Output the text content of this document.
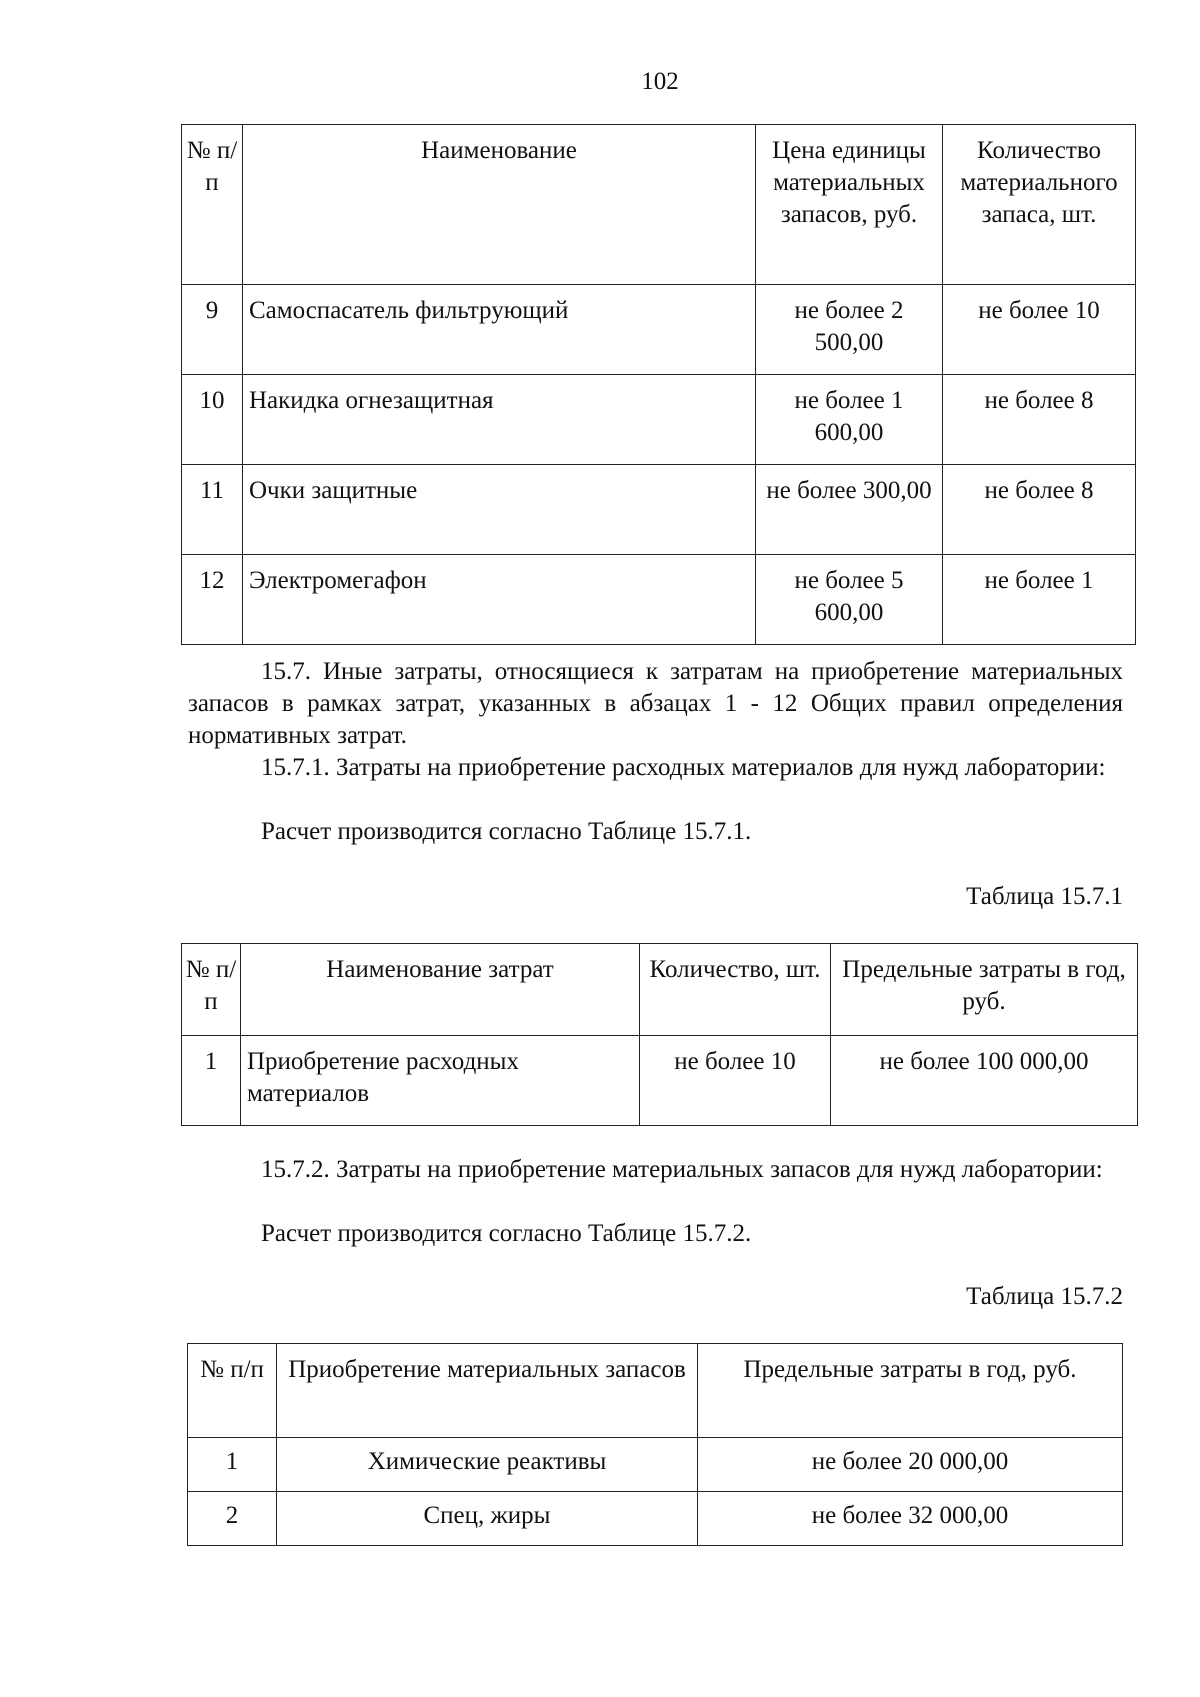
102
№ п/п	Наименование	Цена единицы материальных запасов, руб.	Количество материального запаса, шт.
9	Самоспасатель фильтрующий	не более 2 500,00	не более 10
10	Накидка огнезащитная	не более 1 600,00	не более 8
11	Очки защитные	не более 300,00	не более 8
12	Электромегафон	не более 5 600,00	не более 1

15.7. Иные затраты, относящиеся к затратам на приобретение материальных запасов в рамках затрат, указанных в абзацах 1 - 12 Общих правил определения нормативных затрат.

15.7.1. Затраты на приобретение расходных материалов для нужд лаборатории:

Расчет производится согласно Таблице 15.7.1.

Таблица 15.7.1
№ п/п	Наименование затрат	Количество, шт.	Предельные затраты в год, руб.
1	Приобретение расходных материалов	не более 10	не более 100 000,00

15.7.2. Затраты на приобретение материальных запасов для нужд лаборатории:

Расчет производится согласно Таблице 15.7.2.

Таблица 15.7.2
№ п/п	Приобретение материальных запасов	Предельные затраты в год, руб.
1	Химические реактивы	не более 20 000,00
2	Спец, жиры	не более 32 000,00
